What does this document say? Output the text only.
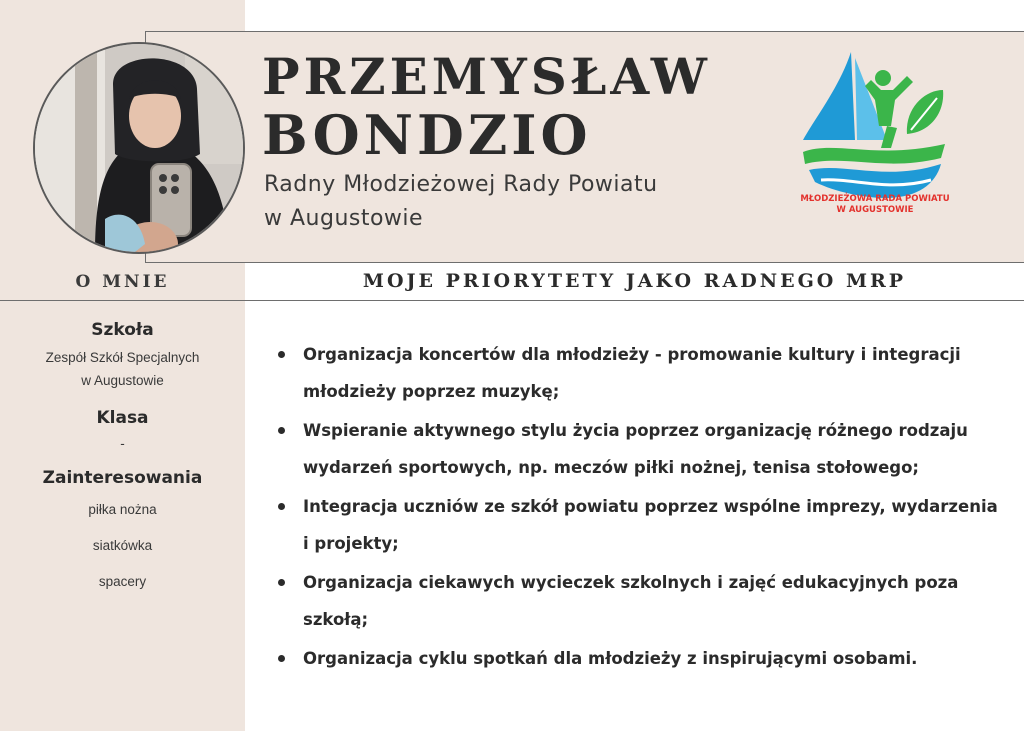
PRZEMYSŁAW
BONDZIO

Radny Młodzieżowej Rady Powiatu
w Augustowie

MŁODZIEŻOWA RADA POWIATU
W AUGUSTOWIE

O MNIE	MOJE PRIORYTETY JAKO RADNEGO MRP

Szkoła

Zespół Szkół Specjalnych

w Augustowie

Klasa

-

Zainteresowania

piłka nożna

siatkówka

spacery

Organizacja koncertów dla młodzieży - promowanie kultury i integracji młodzieży poprzez muzykę;
Wspieranie aktywnego stylu życia poprzez organizację różnego rodzaju wydarzeń sportowych, np. meczów piłki nożnej, tenisa stołowego;
Integracja uczniów ze szkół powiatu poprzez wspólne imprezy, wydarzenia i projekty;
Organizacja ciekawych wycieczek szkolnych i zajęć edukacyjnych poza szkołą;
Organizacja cyklu spotkań dla młodzieży z inspirującymi osobami.
